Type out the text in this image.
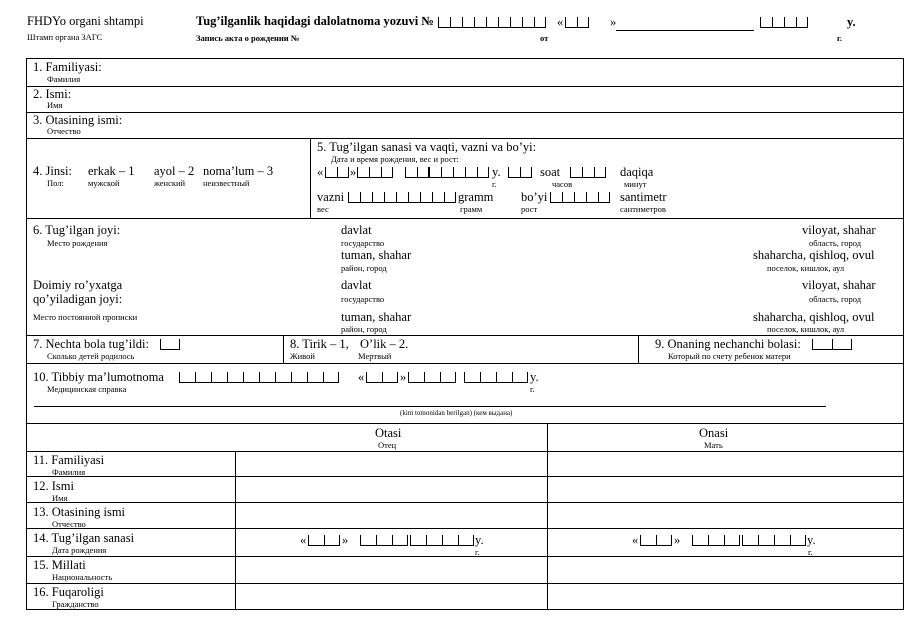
FHDYo organi shtampi
Штамп органа ЗАГС
Tug’ilganlik haqidagi dalolatnoma yozuvi №
Запись акта о рождении №
«	»	y.
от	г.
1. Familiyasi:
Фамилия
2. Ismi:
Имя
3. Otasining ismi:
Отчество
4. Jinsi:
Пол:
erkak – 1
мужской
ayol – 2
женский
noma’lum – 3
неизвестный
5. Tug’ilgan sanasi va vaqti, vazni va bo’yi:
Дата и время рождения, вес и рост:
« »	y.
г.
soat
часов
daqiqa
минут
vazni
вес
gramm
грамм
bo’yi
рост
santimetr
сантиметров
6. Tug’ilgan joyi:
Место рождения
davlat
государство
viloyat, shahar
область, город
tuman, shahar
район, город
shaharcha, qishloq, ovul
поселок, кишлок, аул
Doimiy ro’yxatga
qo’yiladigan joyi:
Место постоянной прописки
davlat
государство
viloyat, shahar
область, город
tuman, shahar
район, город
shaharcha, qishloq, ovul
поселок, кишлок, аул
7. Nechta bola tug’ildi:
Сколько детей родилось
8. Tirik – 1, O’lik – 2.
Живой	Мертвый
9. Onaning nechanchi bolasi:
Который по счету ребенок матери
10. Tibbiy ma’lumotnoma
Медицинская справка
«	»	y.
г.
(kim tomonidan berilgan) (кем выдана)
Otasi
Отец
Onasi
Мать
11. Familiyasi
Фамилия
12. Ismi
Имя
13. Otasining ismi
Отчество
14. Tug’ilgan sanasi
Дата рождения
15. Millati
Национальность
16. Fuqaroligi
Гражданство
«	»	y.
г.
«	»	y.
г.
